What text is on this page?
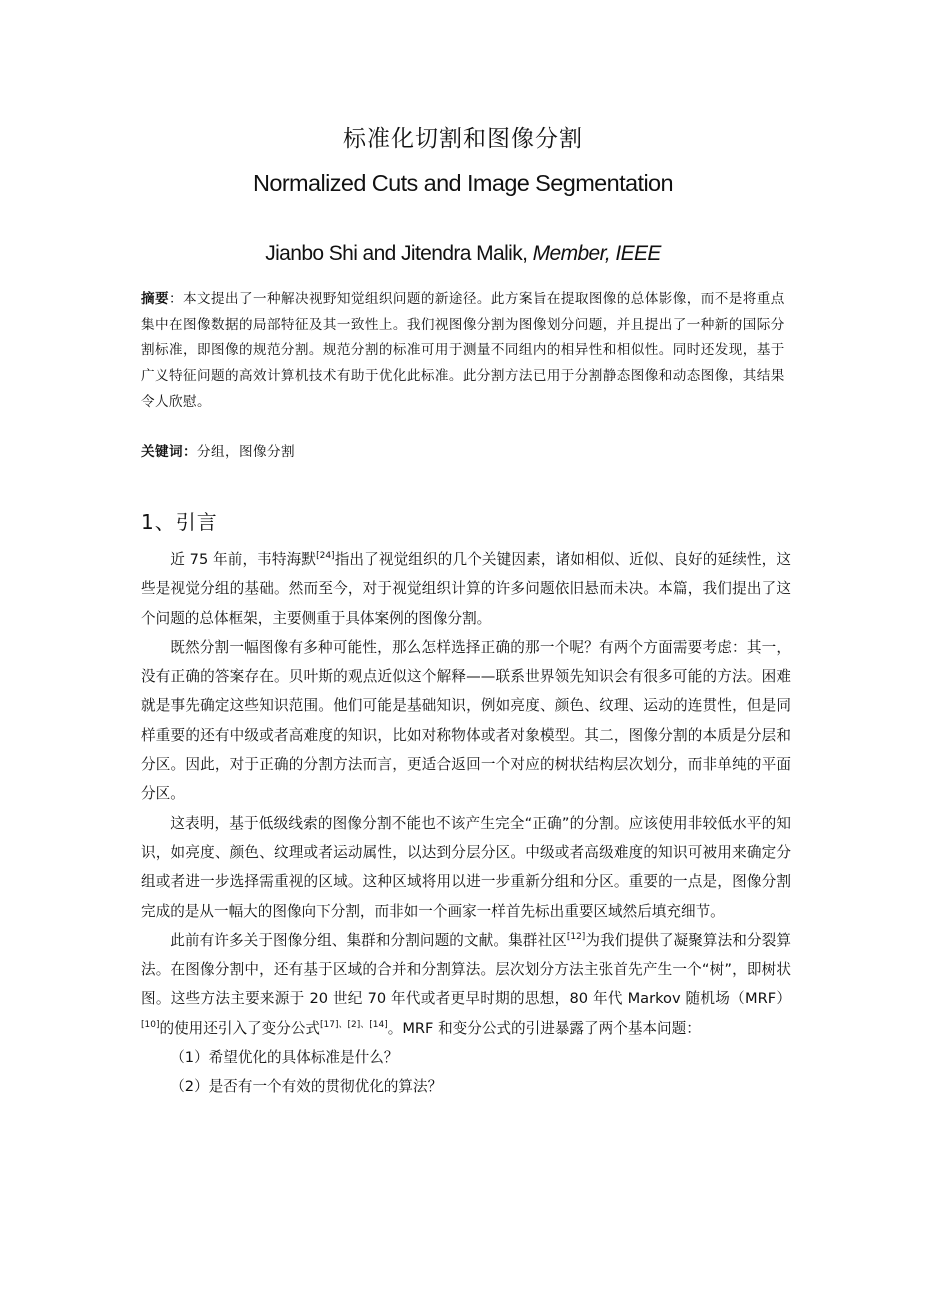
标准化切割和图像分割
Normalized Cuts and Image Segmentation
Jianbo Shi and Jitendra Malik, Member, IEEE
摘要：本文提出了一种解决视野知觉组织问题的新途径。此方案旨在提取图像的总体影像，而不是将重点集中在图像数据的局部特征及其一致性上。我们视图像分割为图像划分问题，并且提出了一种新的国际分割标准，即图像的规范分割。规范分割的标准可用于测量不同组内的相异性和相似性。同时还发现，基于广义特征问题的高效计算机技术有助于优化此标准。此分割方法已用于分割静态图像和动态图像，其结果令人欣慰。
关键词：分组，图像分割
1、引言

近 75 年前，韦特海默[24]指出了视觉组织的几个关键因素，诸如相似、近似、良好的延续性，这些是视觉分组的基础。然而至今，对于视觉组织计算的许多问题依旧悬而未决。本篇，我们提出了这个问题的总体框架，主要侧重于具体案例的图像分割。

既然分割一幅图像有多种可能性，那么怎样选择正确的那一个呢？有两个方面需要考虑：其一，没有正确的答案存在。贝叶斯的观点近似这个解释——联系世界领先知识会有很多可能的方法。困难就是事先确定这些知识范围。他们可能是基础知识，例如亮度、颜色、纹理、运动的连贯性，但是同样重要的还有中级或者高难度的知识，比如对称物体或者对象模型。其二，图像分割的本质是分层和分区。因此，对于正确的分割方法而言，更适合返回一个对应的树状结构层次划分，而非单纯的平面分区。

这表明，基于低级线索的图像分割不能也不该产生完全“正确”的分割。应该使用非较低水平的知识，如亮度、颜色、纹理或者运动属性，以达到分层分区。中级或者高级难度的知识可被用来确定分组或者进一步选择需重视的区域。这种区域将用以进一步重新分组和分区。重要的一点是，图像分割完成的是从一幅大的图像向下分割，而非如一个画家一样首先标出重要区域然后填充细节。

此前有许多关于图像分组、集群和分割问题的文献。集群社区[12]为我们提供了凝聚算法和分裂算法。在图像分割中，还有基于区域的合并和分割算法。层次划分方法主张首先产生一个“树”，即树状图。这些方法主要来源于 20 世纪 70 年代或者更早时期的思想，80 年代 Markov 随机场（MRF）[10]的使用还引入了变分公式[17]、[2]、[14]。MRF 和变分公式的引进暴露了两个基本问题：

（1）希望优化的具体标准是什么？
（2）是否有一个有效的贯彻优化的算法？
